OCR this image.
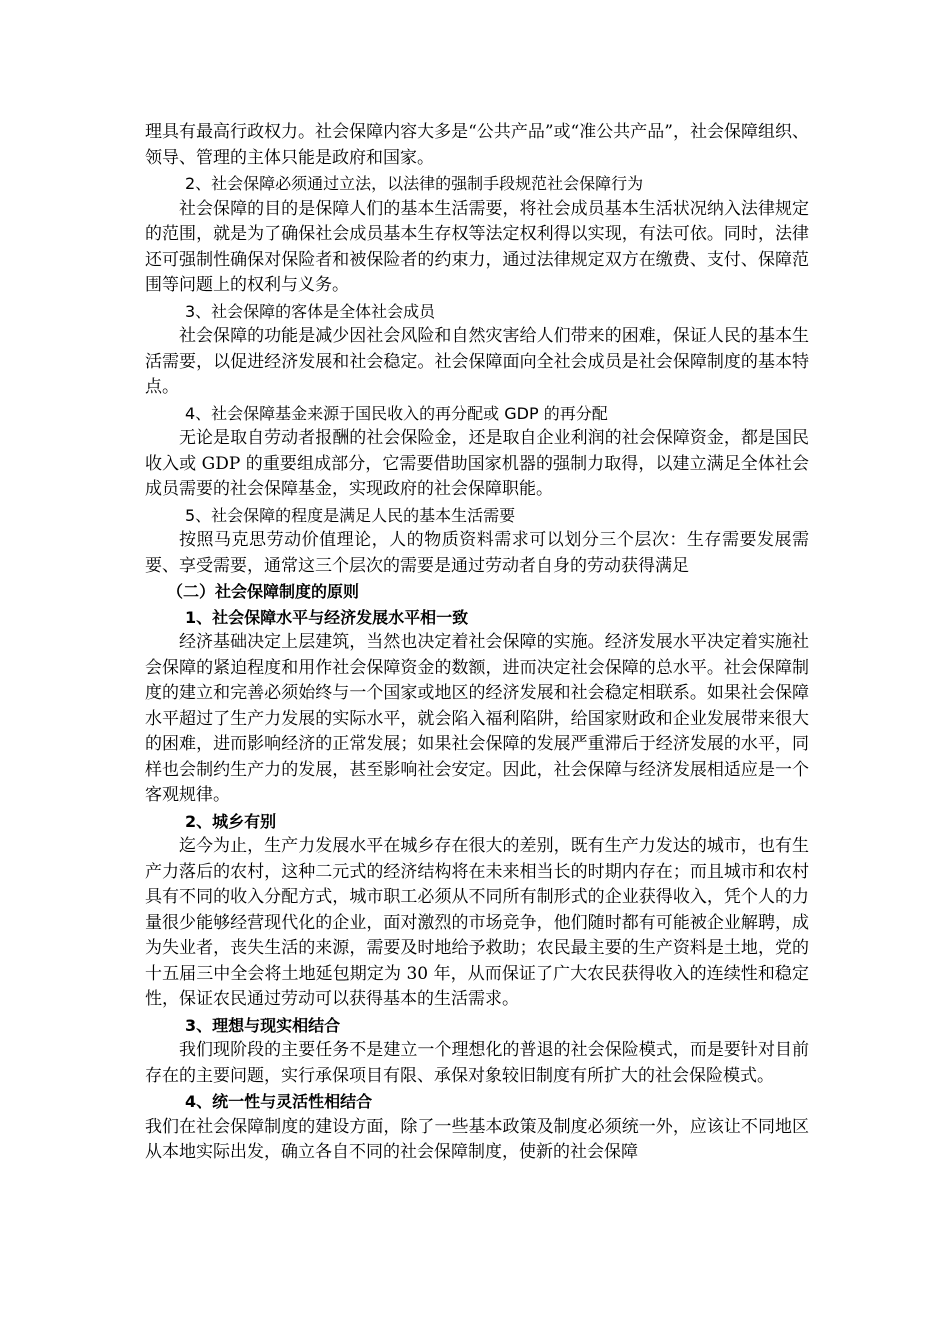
理具有最高行政权力。社会保障内容大多是“公共产品”或“准公共产品”，社会保障组织、领导、管理的主体只能是政府和国家。

2、社会保障必须通过立法，以法律的强制手段规范社会保障行为

社会保障的目的是保障人们的基本生活需要，将社会成员基本生活状况纳入法律规定的范围，就是为了确保社会成员基本生存权等法定权利得以实现，有法可依。同时，法律还可强制性确保对保险者和被保险者的约束力，通过法律规定双方在缴费、支付、保障范围等问题上的权利与义务。

3、社会保障的客体是全体社会成员

社会保障的功能是减少因社会风险和自然灾害给人们带来的困难，保证人民的基本生活需要，以促进经济发展和社会稳定。社会保障面向全社会成员是社会保障制度的基本特点。

4、社会保障基金来源于国民收入的再分配或 GDP 的再分配

无论是取自劳动者报酬的社会保险金，还是取自企业利润的社会保障资金，都是国民收入或 GDP 的重要组成部分，它需要借助国家机器的强制力取得，以建立满足全体社会成员需要的社会保障基金，实现政府的社会保障职能。

5、社会保障的程度是满足人民的基本生活需要

按照马克思劳动价值理论，人的物质资料需求可以划分三个层次：生存需要发展需要、享受需要，通常这三个层次的需要是通过劳动者自身的劳动获得满足

（二）社会保障制度的原则

1、社会保障水平与经济发展水平相一致

经济基础决定上层建筑，当然也决定着社会保障的实施。经济发展水平决定着实施社会保障的紧迫程度和用作社会保障资金的数额，进而决定社会保障的总水平。社会保障制度的建立和完善必须始终与一个国家或地区的经济发展和社会稳定相联系。如果社会保障水平超过了生产力发展的实际水平，就会陷入福利陷阱，给国家财政和企业发展带来很大的困难，进而影响经济的正常发展；如果社会保障的发展严重滞后于经济发展的水平，同样也会制约生产力的发展，甚至影响社会安定。因此，社会保障与经济发展相适应是一个客观规律。

2、城乡有别

迄今为止，生产力发展水平在城乡存在很大的差别，既有生产力发达的城市，也有生产力落后的农村，这种二元式的经济结构将在未来相当长的时期内存在；而且城市和农村具有不同的收入分配方式，城市职工必须从不同所有制形式的企业获得收入，凭个人的力量很少能够经营现代化的企业，面对激烈的市场竞争，他们随时都有可能被企业解聘，成为失业者，丧失生活的来源，需要及时地给予救助；农民最主要的生产资料是土地，党的十五届三中全会将土地延包期定为 30 年，从而保证了广大农民获得收入的连续性和稳定性，保证农民通过劳动可以获得基本的生活需求。

3、理想与现实相结合

我们现阶段的主要任务不是建立一个理想化的普退的社会保险模式，而是要针对目前存在的主要问题，实行承保项目有限、承保对象较旧制度有所扩大的社会保险模式。

4、统一性与灵活性相结合

我们在社会保障制度的建设方面，除了一些基本政策及制度必须统一外，应该让不同地区从本地实际出发，确立各自不同的社会保障制度，使新的社会保障
